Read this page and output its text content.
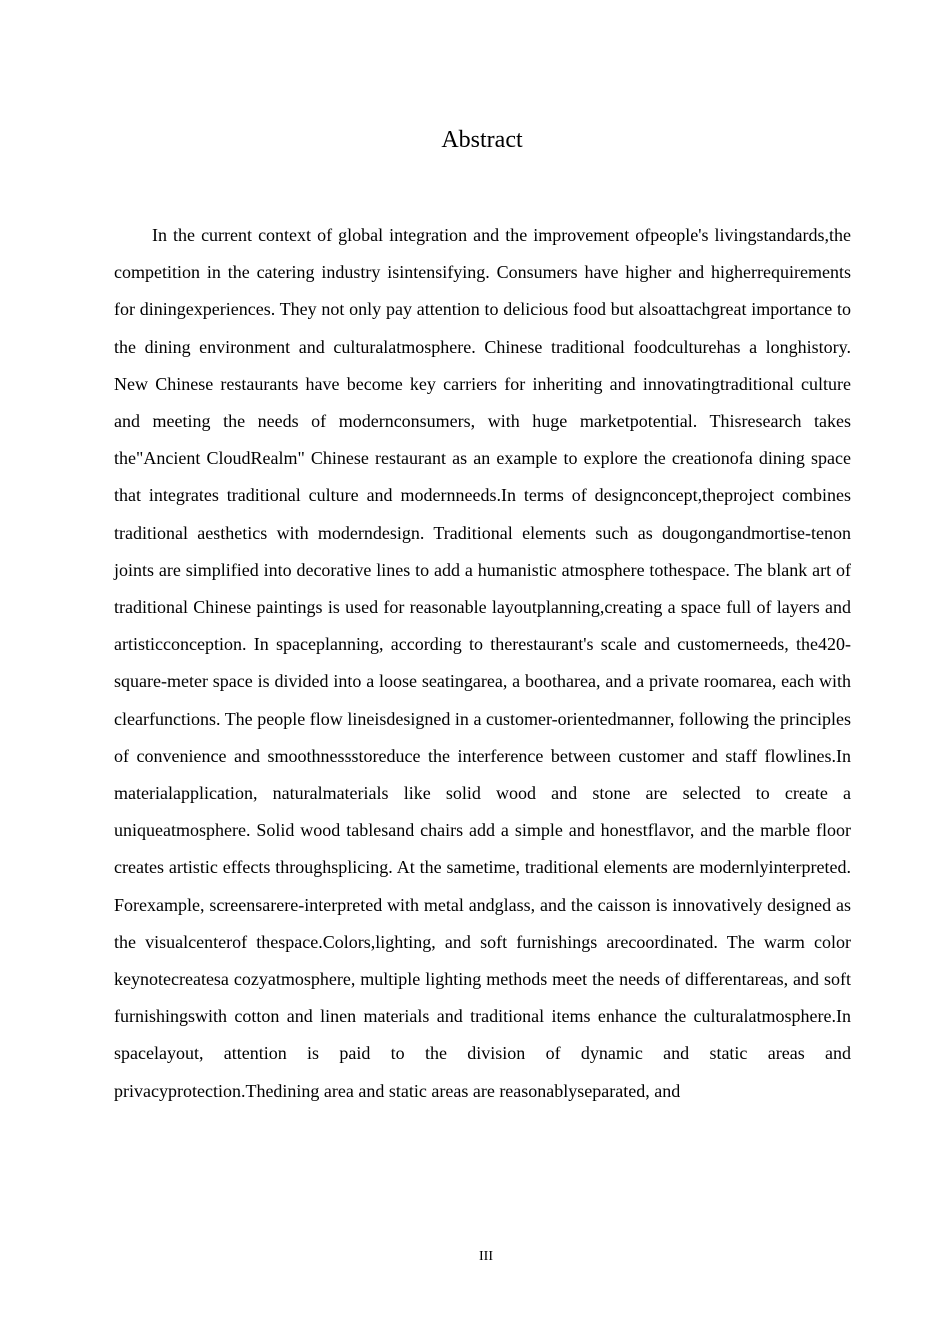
Abstract

In the current context of global integration and the improvement ofpeople's livingstandards,the competition in the catering industry isintensifying. Consumers have higher and higherrequirements for diningexperiences. They not only pay attention to delicious food but alsoattachgreat importance to the dining environment and culturalatmosphere. Chinese traditional foodculturehas a longhistory. New Chinese restaurants have become key carriers for inheriting and innovatingtraditional culture and meeting the needs of modernconsumers, with huge marketpotential. Thisresearch takes the"Ancient CloudRealm" Chinese restaurant as an example to explore the creationofa dining space that integrates traditional culture and modernneeds.In terms of designconcept,theproject combines traditional aesthetics with moderndesign. Traditional elements such as dougongandmortise-tenon joints are simplified into decorative lines to add a humanistic atmosphere tothespace. The blank art of traditional Chinese paintings is used for reasonable layoutplanning,creating a space full of layers and artisticconception. In spaceplanning, according to therestaurant's scale and customerneeds, the420-square-meter space is divided into a loose seatingarea, a bootharea, and a private roomarea, each with clearfunctions. The people flow lineisdesigned in a customer-orientedmanner, following the principles of convenience and smoothnessstoreduce the interference between customer and staff flowlines.In materialapplication, naturalmaterials like solid wood and stone are selected to create a uniqueatmosphere. Solid wood tablesand chairs add a simple and honestflavor, and the marble floor creates artistic effects throughsplicing. At the sametime, traditional elements are modernlyinterpreted. Forexample, screensarere-interpreted with metal andglass, and the caisson is innovatively designed as the visualcenterof thespace.Colors,lighting, and soft furnishings arecoordinated. The warm color keynotecreatesa cozyatmosphere, multiple lighting methods meet the needs of differentareas, and soft furnishingswith cotton and linen materials and traditional items enhance the culturalatmosphere.In spacelayout, attention is paid to the division of dynamic and static areas and privacyprotection.Thedining area and static areas are reasonablyseparated, and

III
